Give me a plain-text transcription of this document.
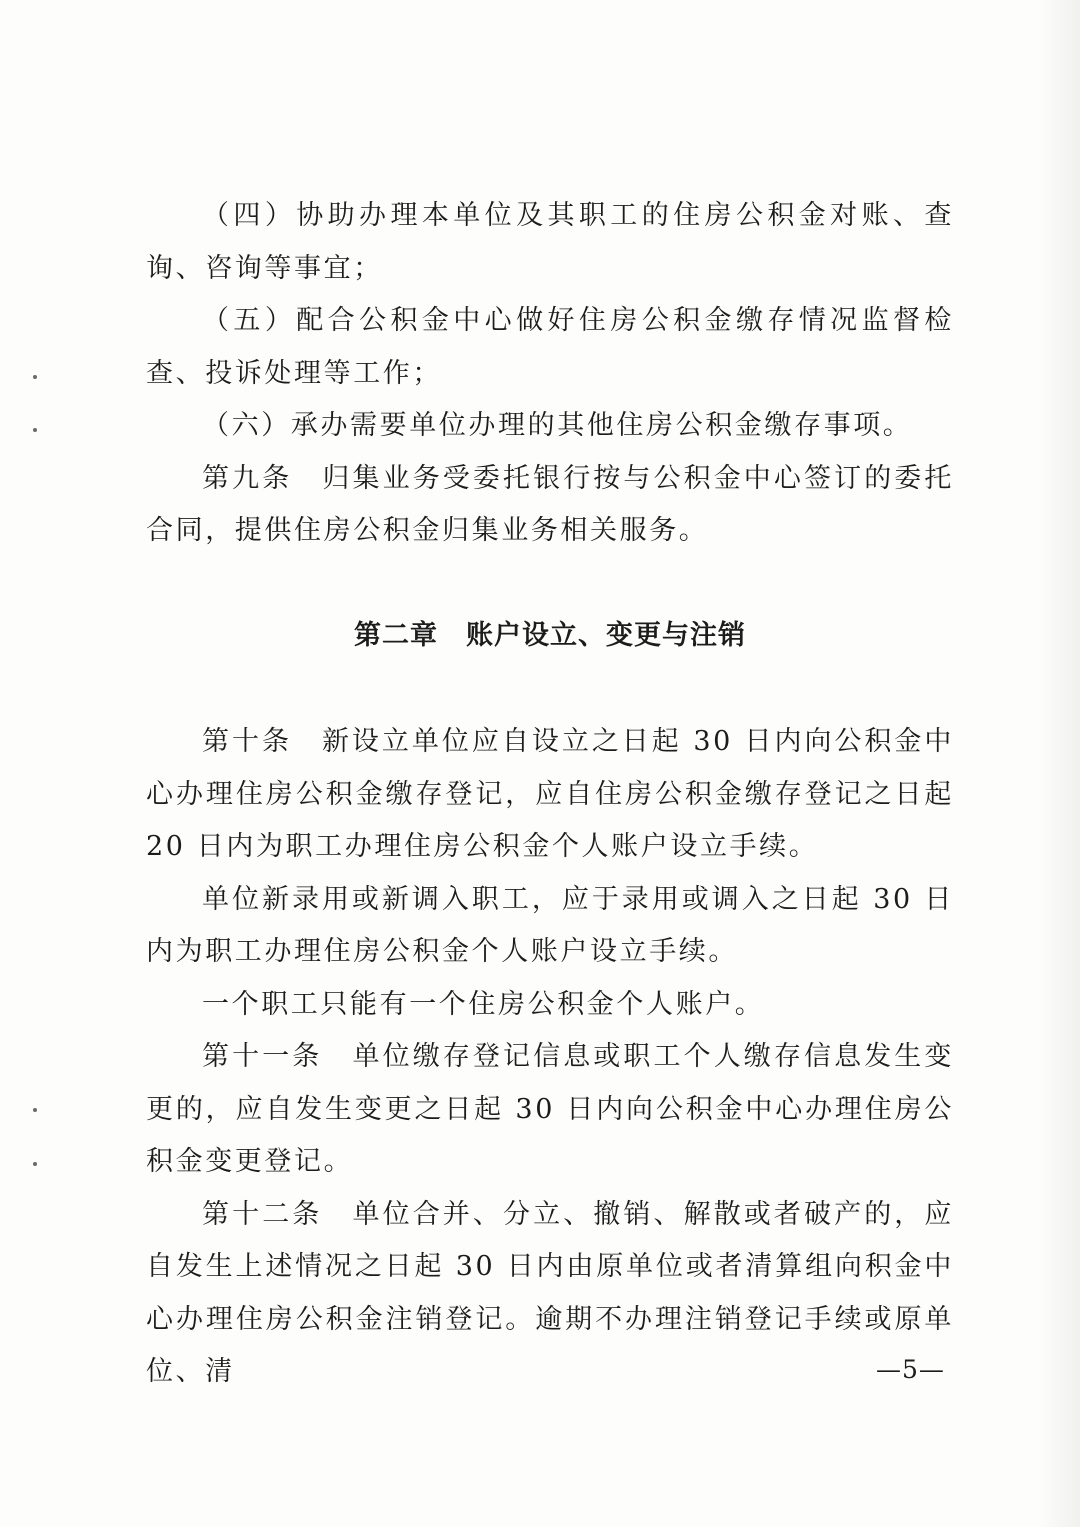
（四）协助办理本单位及其职工的住房公积金对账、查询、咨询等事宜；

（五）配合公积金中心做好住房公积金缴存情况监督检查、投诉处理等工作；

（六）承办需要单位办理的其他住房公积金缴存事项。

第九条　归集业务受委托银行按与公积金中心签订的委托合同，提供住房公积金归集业务相关服务。

第二章　账户设立、变更与注销

第十条　新设立单位应自设立之日起 30 日内向公积金中心办理住房公积金缴存登记，应自住房公积金缴存登记之日起 20 日内为职工办理住房公积金个人账户设立手续。

单位新录用或新调入职工，应于录用或调入之日起 30 日内为职工办理住房公积金个人账户设立手续。

一个职工只能有一个住房公积金个人账户。

第十一条　单位缴存登记信息或职工个人缴存信息发生变更的，应自发生变更之日起 30 日内向公积金中心办理住房公积金变更登记。

第十二条　单位合并、分立、撤销、解散或者破产的，应自发生上述情况之日起 30 日内由原单位或者清算组向积金中心办理住房公积金注销登记。逾期不办理注销登记手续或原单位、清	—5—
